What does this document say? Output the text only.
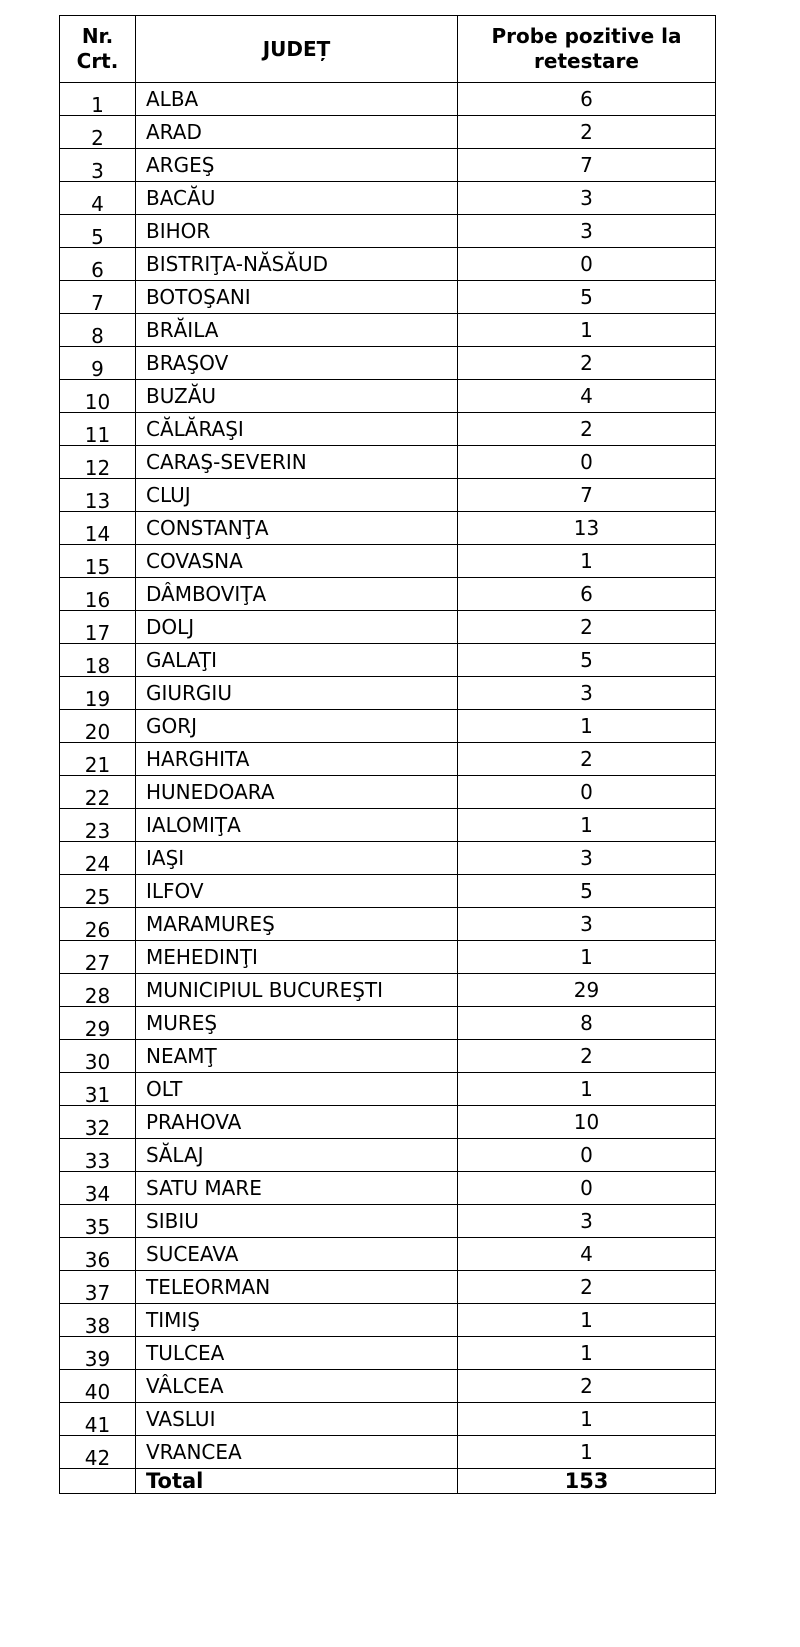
Nr.
Crt.	JUDEȚ	Probe pozitive la
retestare
1	ALBA	6
2	ARAD	2
3	ARGEŞ	7
4	BACĂU	3
5	BIHOR	3
6	BISTRIŢA-NĂSĂUD	0
7	BOTOŞANI	5
8	BRĂILA	1
9	BRAŞOV	2
10	BUZĂU	4
11	CĂLĂRAŞI	2
12	CARAŞ-SEVERIN	0
13	CLUJ	7
14	CONSTANŢA	13
15	COVASNA	1
16	DÂMBOVIŢA	6
17	DOLJ	2
18	GALAŢI	5
19	GIURGIU	3
20	GORJ	1
21	HARGHITA	2
22	HUNEDOARA	0
23	IALOMIŢA	1
24	IAŞI	3
25	ILFOV	5
26	MARAMUREŞ	3
27	MEHEDINŢI	1
28	MUNICIPIUL BUCUREŞTI	29
29	MUREŞ	8
30	NEAMŢ	2
31	OLT	1
32	PRAHOVA	10
33	SĂLAJ	0
34	SATU MARE	0
35	SIBIU	3
36	SUCEAVA	4
37	TELEORMAN	2
38	TIMIŞ	1
39	TULCEA	1
40	VÂLCEA	2
41	VASLUI	1
42	VRANCEA	1
	Total	153
